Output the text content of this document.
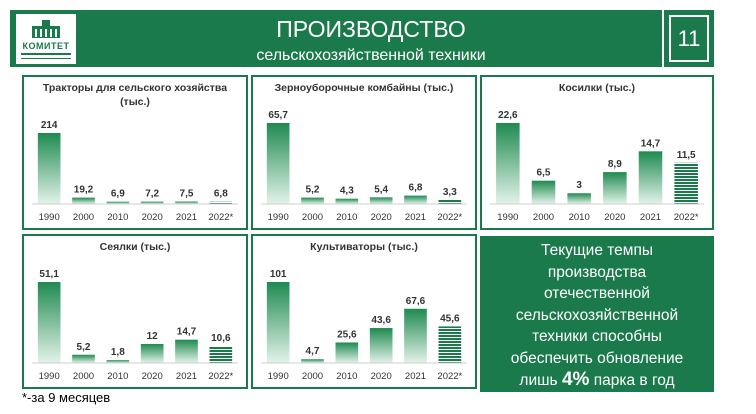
КОМИТЕТ
ПРОИЗВОДСТВО
сельскохозяйственной техники
11
Тракторы для сельского хозяйства
(тыс.)
214
1990
19,2
2000
6,9
2010
7,2
2020
7,5
2021
6,8
2022*
Зерноуборочные комбайны (тыс.)
65,7
1990
5,2
2000
4,3
2010
5,4
2020
6,8
2021
3,3
2022*
Косилки (тыс.)
22,6
1990
6,5
2000
3
2010
8,9
2020
14,7
2021
11,5
2022*
Сеялки (тыс.)
51,1
1990
5,2
2000
1,8
2010
12
2020
14,7
2021
10,6
2022*
Культиваторы (тыс.)
101
1990
4,7
2000
25,6
2010
43,6
2020
67,6
2021
45,6
2022*
Текущие темпы
производства
отечественной
сельскохозяйственной
техники способны
обеспечить обновление
лишь 4% парка в год
*-за 9 месяцев
